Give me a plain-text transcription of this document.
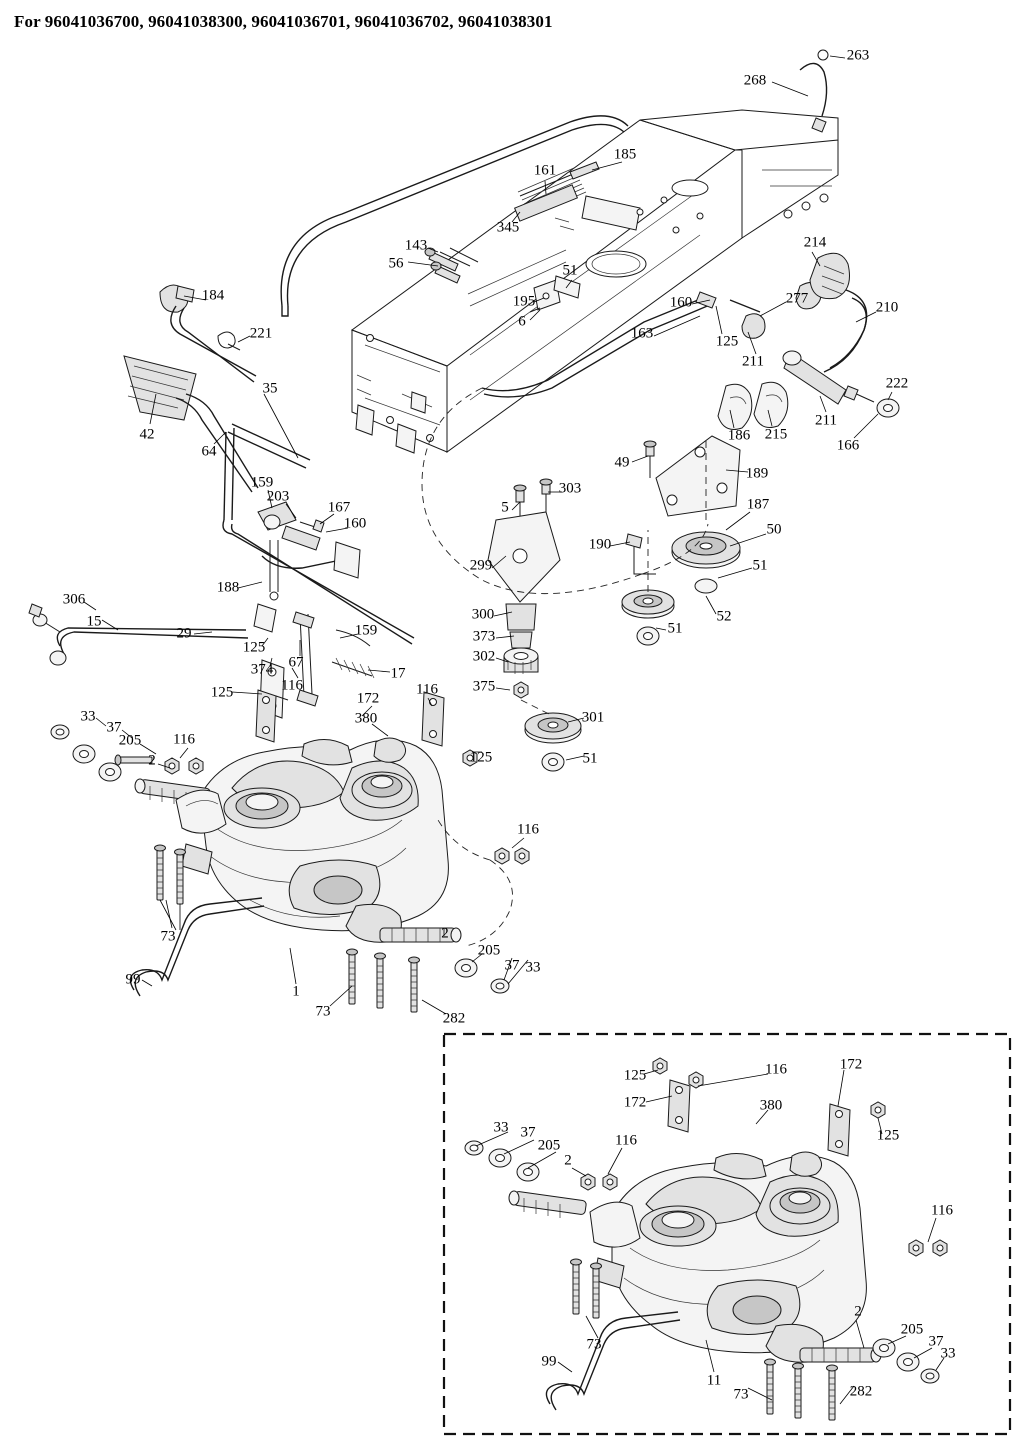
For 96041036700, 96041038300, 96041036701, 96041036702, 96041038301
263
268
161
185
345
143
56	51
214
184	195
6
160	277
210
221	163	125
211
222
35
211
166
42	186 215
64
49
189
159	303
203
5	187
167
160
190
50
299	51
188
306
300	52
15
29	373	51
125
159
302
374 67
17
375
116
125	116
172
301
380
33
37
205 116
125	51
2
116
73	2
205
37 33
99
1
73	282
125	116	172
172	380
125
33 37
205	116
2
116
2
205
37
33
73
99
11
73	282
